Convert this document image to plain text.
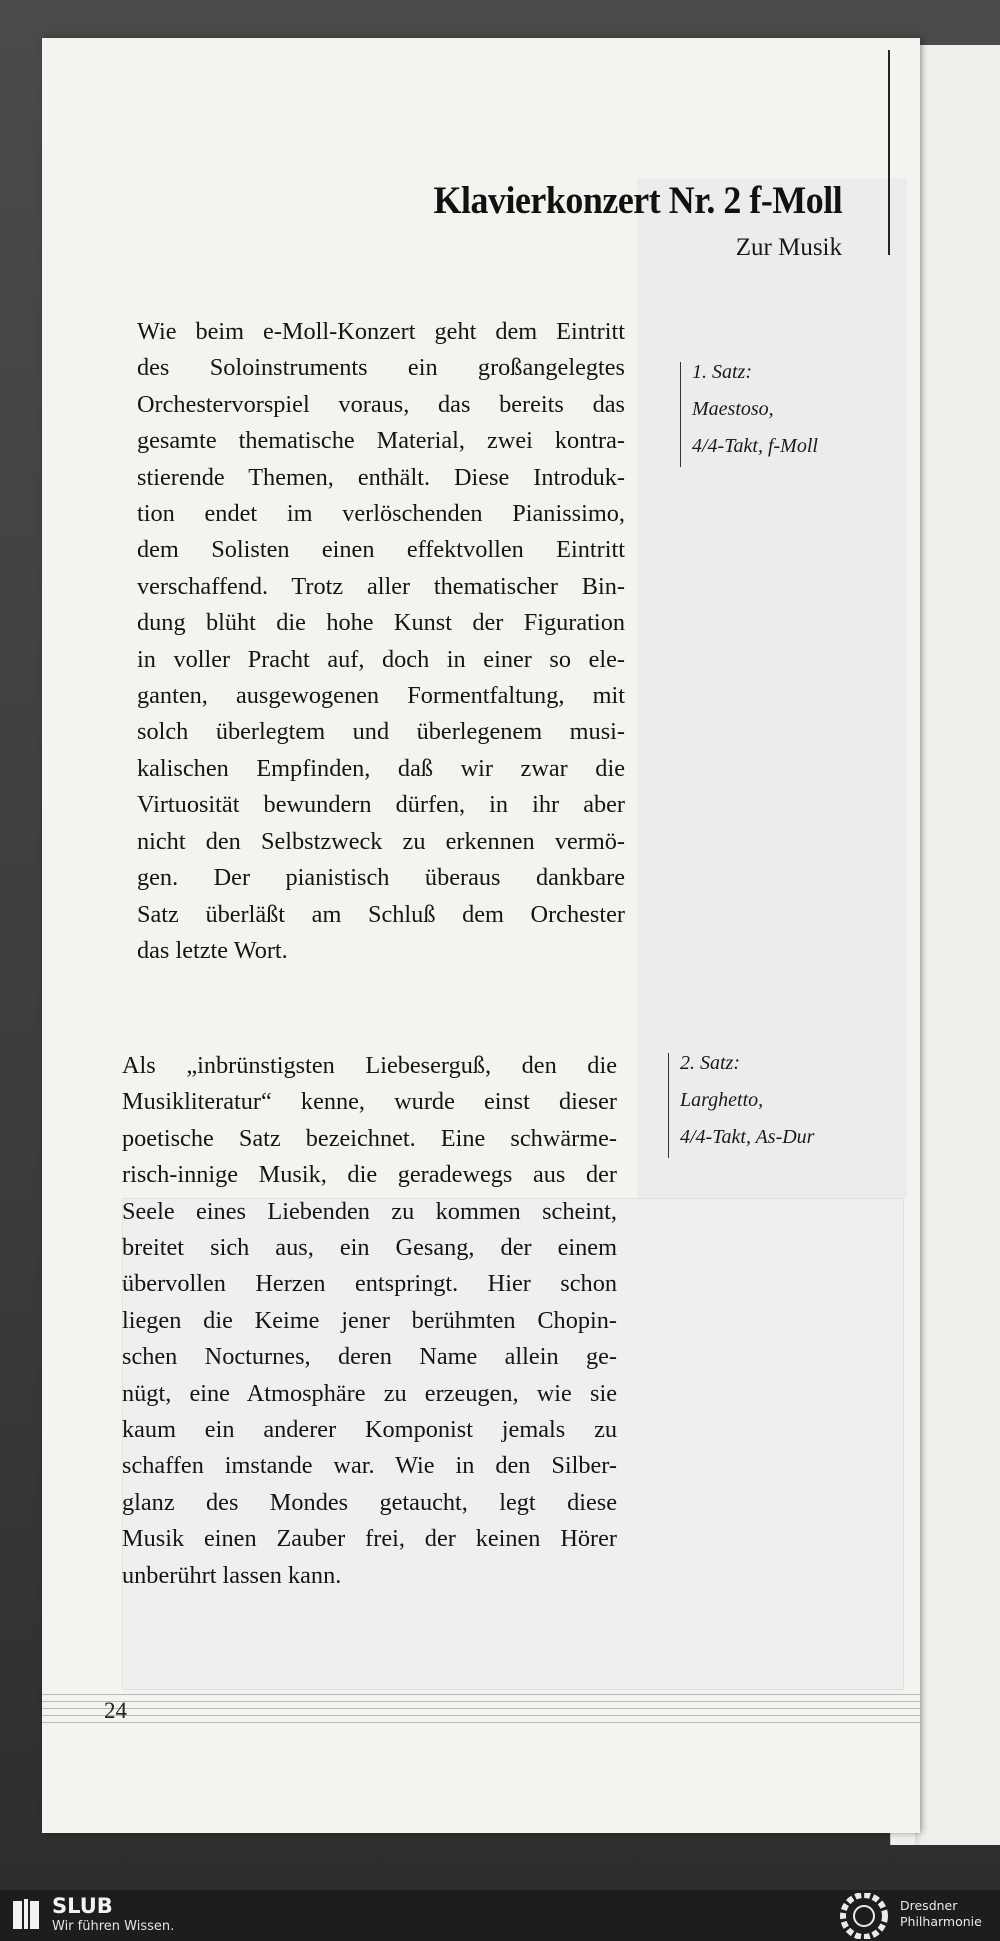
Klavierkonzert Nr. 2 f-Moll
Zur Musik
Wie beim e-Moll-Konzert geht dem Eintritt
des Soloinstruments ein großangelegtes
Orchestervorspiel voraus, das bereits das
gesamte thematische Material, zwei kontra-
stierende Themen, enthält. Diese Introduk-
tion endet im verlöschenden Pianissimo,
dem Solisten einen effektvollen Eintritt
verschaffend. Trotz aller thematischer Bin-
dung blüht die hohe Kunst der Figuration
in voller Pracht auf, doch in einer so ele-
ganten, ausgewogenen Formentfaltung, mit
solch überlegtem und überlegenem musi-
kalischen Empfinden, daß wir zwar die
Virtuosität bewundern dürfen, in ihr aber
nicht den Selbstzweck zu erkennen vermö-
gen. Der pianistisch überaus dankbare
Satz überläßt am Schluß dem Orchester
das letzte Wort.
1. Satz:
Maestoso,
4/4-Takt, f-Moll
Als „inbrünstigsten Liebeserguß, den die
Musikliteratur“ kenne, wurde einst dieser
poetische Satz bezeichnet. Eine schwärme-
risch-innige Musik, die geradewegs aus der
Seele eines Liebenden zu kommen scheint,
breitet sich aus, ein Gesang, der einem
übervollen Herzen entspringt. Hier schon
liegen die Keime jener berühmten Chopin-
schen Nocturnes, deren Name allein ge-
nügt, eine Atmosphäre zu erzeugen, wie sie
kaum ein anderer Komponist jemals zu
schaffen imstande war. Wie in den Silber-
glanz des Mondes getaucht, legt diese
Musik einen Zauber frei, der keinen Hörer
unberührt lassen kann.
2. Satz:
Larghetto,
4/4-Takt, As-Dur
24
SLUB
Wir führen Wissen.
Dresdner
Philharmonie
